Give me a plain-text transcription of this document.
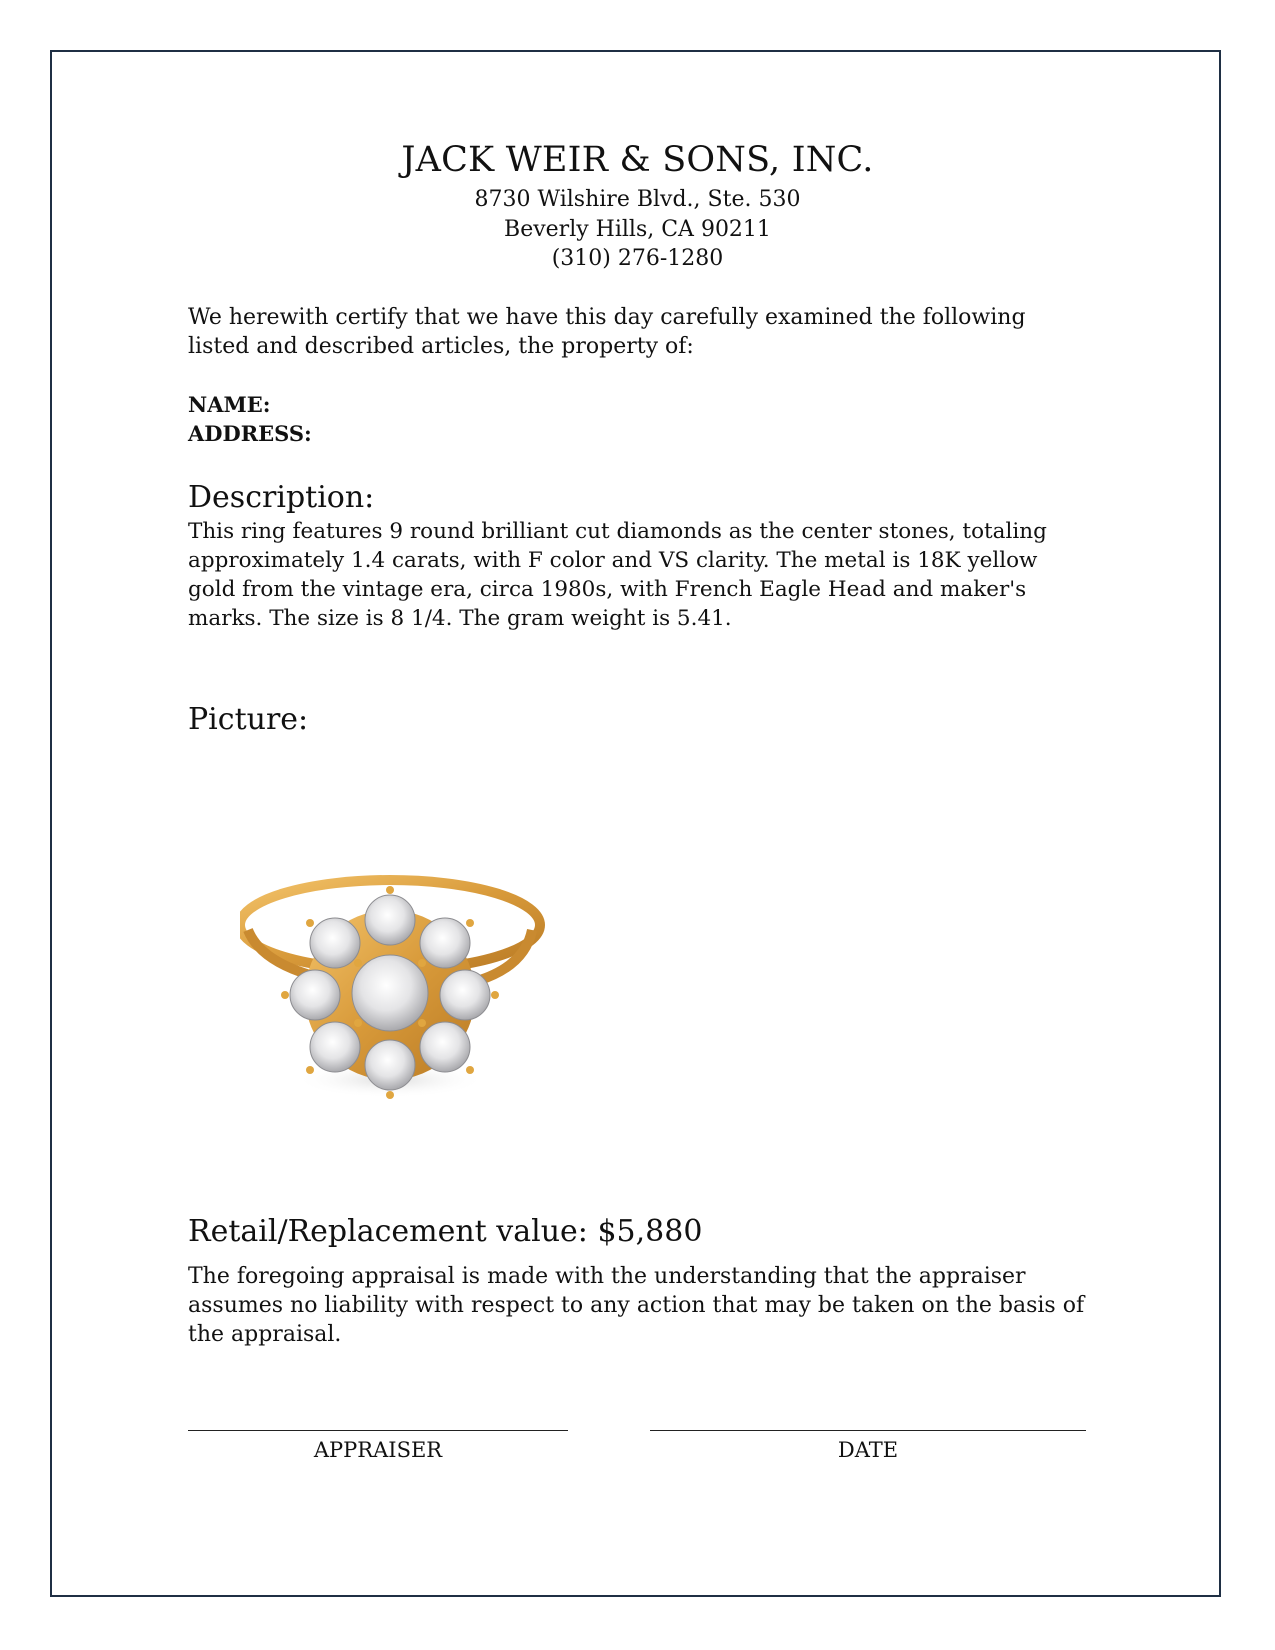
JACK WEIR & SONS, INC.
8730 Wilshire Blvd., Ste. 530
Beverly Hills, CA 90211
(310) 276-1280
We herewith certify that we have this day carefully examined the following listed and described articles, the property of:
NAME:
ADDRESS:
Description:
This ring features 9 round brilliant cut diamonds as the center stones, totaling approximately 1.4 carats, with F color and VS clarity. The metal is 18K yellow gold from the vintage era, circa 1980s, with French Eagle Head and maker's marks. The size is 8 1/4. The gram weight is 5.41.
Picture:
Retail/Replacement value: $5,880
The foregoing appraisal is made with the understanding that the appraiser assumes no liability with respect to any action that may be taken on the basis of the appraisal.
APPRAISER	DATE
